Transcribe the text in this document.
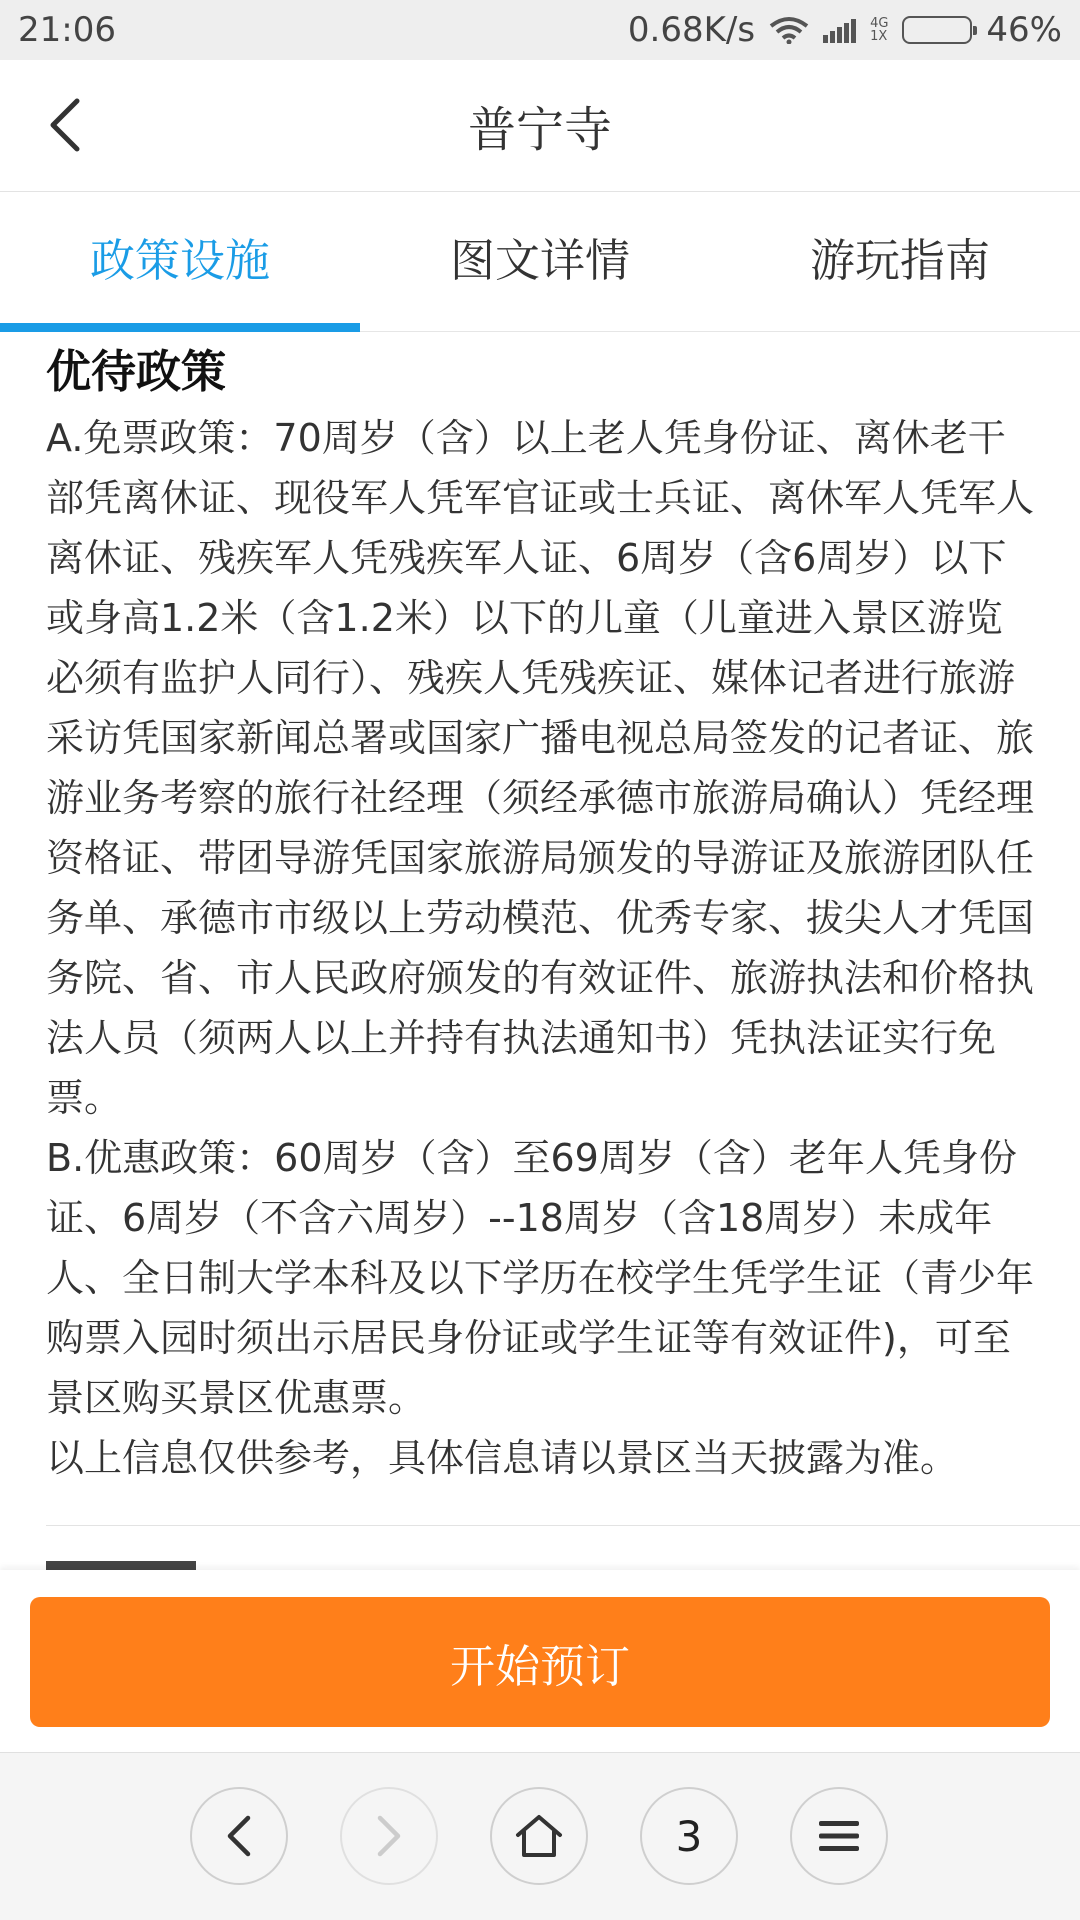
21:06	0.68K/s	4G
1X	46%
普宁寺
政策设施	图文详情	游玩指南
优待政策

A.免票政策：70周岁（含）以上老人凭身份证、离休老干部凭离休证、现役军人凭军官证或士兵证、离休军人凭军人离休证、残疾军人凭残疾军人证、6周岁（含6周岁）以下或身高1.2米（含1.2米）以下的儿童（儿童进入景区游览必须有监护人同行）、残疾人凭残疾证、媒体记者进行旅游采访凭国家新闻总署或国家广播电视总局签发的记者证、旅游业务考察的旅行社经理（须经承德市旅游局确认）凭经理资格证、带团导游凭国家旅游局颁发的导游证及旅游团队任务单、承德市市级以上劳动模范、优秀专家、拔尖人才凭国务院、省、市人民政府颁发的有效证件、旅游执法和价格执法人员（须两人以上并持有执法通知书）凭执法证实行免票。

B.优惠政策：60周岁（含）至69周岁（含）老年人凭身份证、6周岁（不含六周岁）--18周岁（含18周岁）未成年人、全日制大学本科及以下学历在校学生凭学生证（青少年购票入园时须出示居民身份证或学生证等有效证件)，可至景区购买景区优惠票。

以上信息仅供参考，具体信息请以景区当天披露为准。

开始预订
3
